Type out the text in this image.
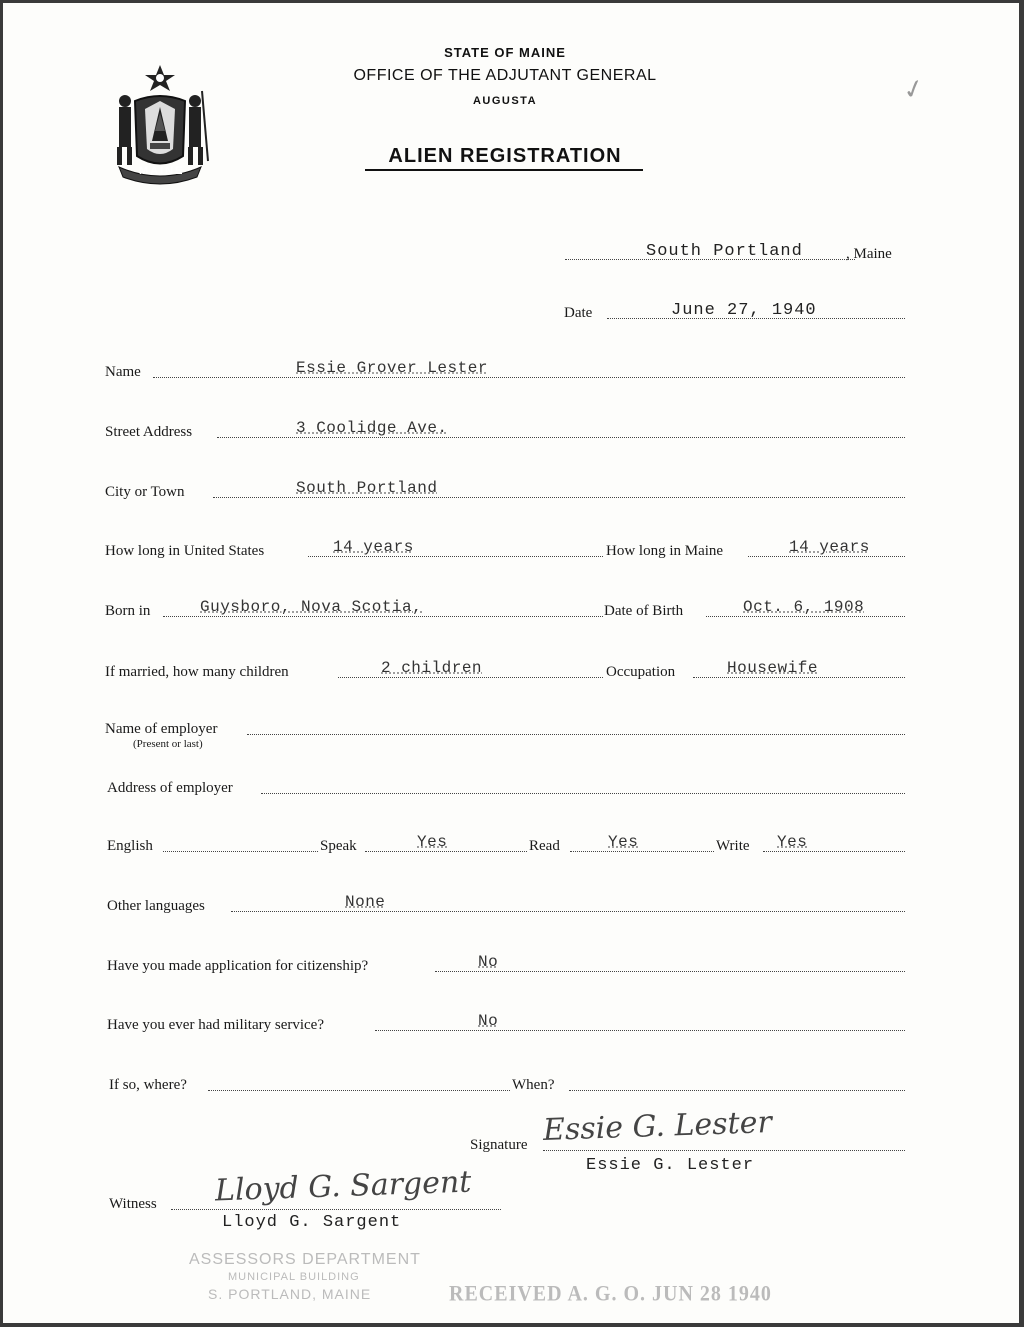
MAINE
STATE OF MAINE
OFFICE OF THE ADJUTANT GENERAL
AUGUSTA
ALIEN REGISTRATION
✓
South Portland	, Maine
Date	June 27, 1940
Name	Essie Grover Lester
Street Address	3 Coolidge Ave.
City or Town	South Portland
How long in United States	14 years	How long in Maine	14 years
Born in	Guysboro, Nova Scotia,	Date of Birth	Oct. 6, 1908
If married, how many children	2 children	Occupation	Housewife
Name of employer
(Present or last)
Address of employer
English	Speak	Yes	Read	Yes	Write Yes
Other languages	None
Have you made application for citizenship?	No
Have you ever had military service?	No
If so, where?	When?
Signature Essie G. Lester
Essie G. Lester
Witness Lloyd G. Sargent
Lloyd G. Sargent
ASSESSORS DEPARTMENT
MUNICIPAL BUILDING
S. PORTLAND, MAINE	RECEIVED A. G. O. JUN 28 1940
